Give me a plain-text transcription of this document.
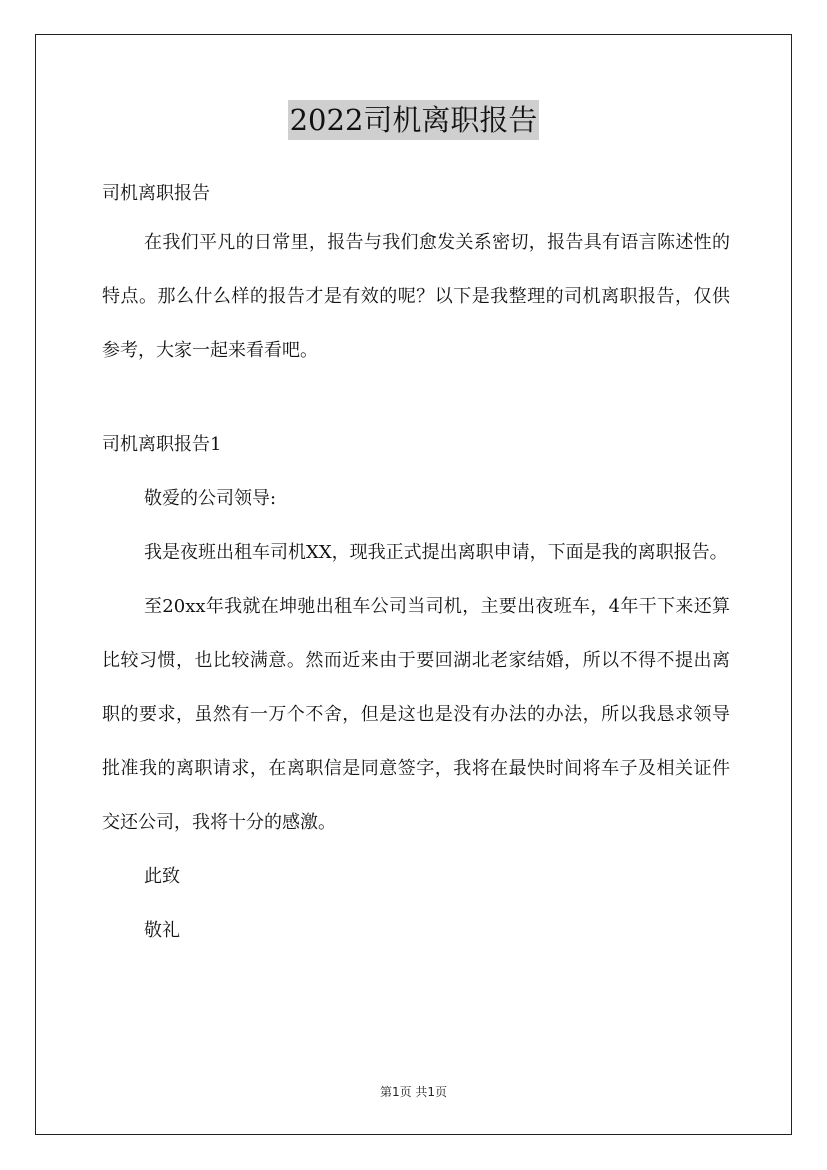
2022司机离职报告

司机离职报告

在我们平凡的日常里，报告与我们愈发关系密切，报告具有语言陈述性的特点。那么什么样的报告才是有效的呢？以下是我整理的司机离职报告，仅供参考，大家一起来看看吧。

司机离职报告1

敬爱的公司领导:

我是夜班出租车司机XX，现我正式提出离职申请，下面是我的离职报告。

至20xx年我就在坤驰出租车公司当司机，主要出夜班车，4年干下来还算比较习惯，也比较满意。然而近来由于要回湖北老家结婚，所以不得不提出离职的要求，虽然有一万个不舍，但是这也是没有办法的办法，所以我恳求领导批准我的离职请求，在离职信是同意签字，我将在最快时间将车子及相关证件交还公司，我将十分的感激。

此致

敬礼

第1页 共1页
